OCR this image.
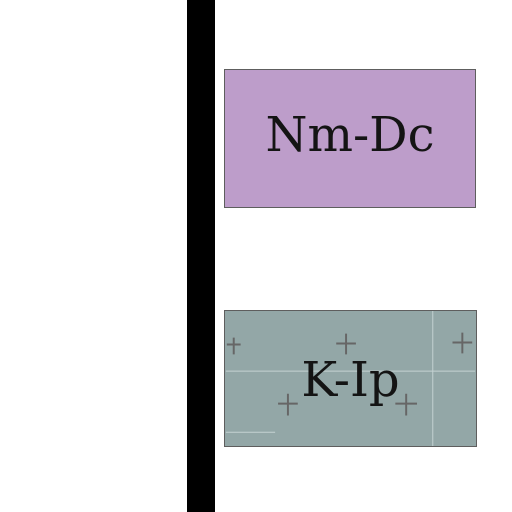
Nm-Dc
K-Ip
